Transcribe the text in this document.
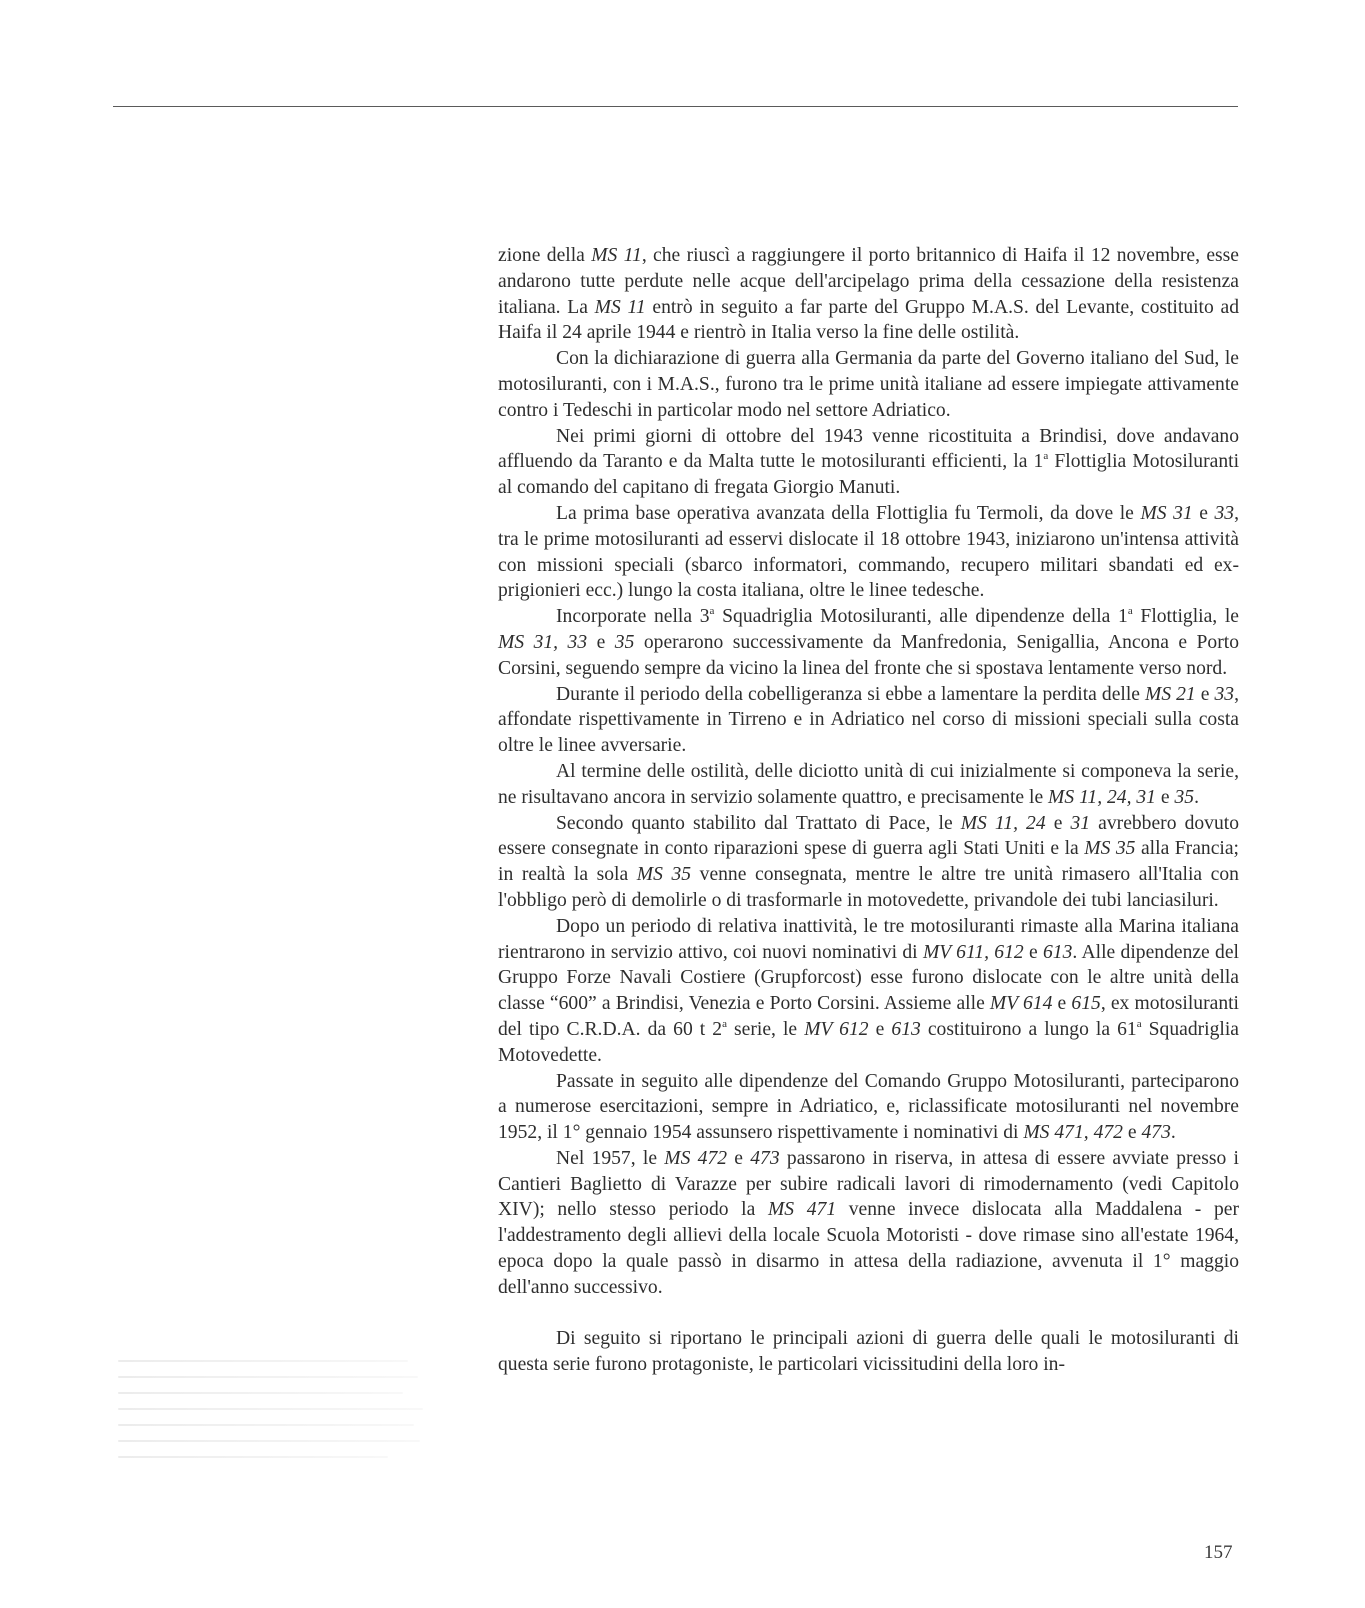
zione della MS 11, che riuscì a raggiungere il porto britannico di Haifa il 12 novembre, esse andarono tutte perdute nelle acque dell'arcipelago prima della cessazione della resistenza italiana. La MS 11 entrò in seguito a far parte del Gruppo M.A.S. del Levante, costituito ad Haifa il 24 aprile 1944 e rientrò in Italia verso la fine delle ostilità.

Con la dichiarazione di guerra alla Germania da parte del Governo italiano del Sud, le motosiluranti, con i M.A.S., furono tra le prime unità italiane ad essere impiegate attivamente contro i Tedeschi in particolar modo nel settore Adriatico.

Nei primi giorni di ottobre del 1943 venne ricostituita a Brindisi, dove andavano affluendo da Taranto e da Malta tutte le motosiluranti efficienti, la 1$^a$ Flottiglia Motosiluranti al comando del capitano di fregata Giorgio Manuti.

La prima base operativa avanzata della Flottiglia fu Termoli, da dove le MS 31 e 33, tra le prime motosiluranti ad esservi dislocate il 18 ottobre 1943, iniziarono un'intensa attività con missioni speciali (sbarco informatori, commando, recupero militari sbandati ed ex-prigionieri ecc.) lungo la costa italiana, oltre le linee tedesche.

Incorporate nella 3$^a$ Squadriglia Motosiluranti, alle dipendenze della 1$^a$ Flottiglia, le MS 31, 33 e 35 operarono successivamente da Manfredonia, Senigallia, Ancona e Porto Corsini, seguendo sempre da vicino la linea del fronte che si spostava lentamente verso nord.

Durante il periodo della cobelligeranza si ebbe a lamentare la perdita delle MS 21 e 33, affondate rispettivamente in Tirreno e in Adriatico nel corso di missioni speciali sulla costa oltre le linee avversarie.

Al termine delle ostilità, delle diciotto unità di cui inizialmente si componeva la serie, ne risultavano ancora in servizio solamente quattro, e precisamente le MS 11, 24, 31 e 35.

Secondo quanto stabilito dal Trattato di Pace, le MS 11, 24 e 31 avrebbero dovuto essere consegnate in conto riparazioni spese di guerra agli Stati Uniti e la MS 35 alla Francia; in realtà la sola MS 35 venne consegnata, mentre le altre tre unità rimasero all'Italia con l'obbligo però di demolirle o di trasformarle in motovedette, privandole dei tubi lanciasiluri.

Dopo un periodo di relativa inattività, le tre motosiluranti rimaste alla Marina italiana rientrarono in servizio attivo, coi nuovi nominativi di MV 611, 612 e 613. Alle dipendenze del Gruppo Forze Navali Costiere (Grupforcost) esse furono dislocate con le altre unità della classe “600” a Brindisi, Venezia e Porto Corsini. Assieme alle MV 614 e 615, ex motosiluranti del tipo C.R.D.A. da 60 t 2$^a$ serie, le MV 612 e 613 costituirono a lungo la 61$^a$ Squadriglia Motovedette.

Passate in seguito alle dipendenze del Comando Gruppo Motosiluranti, parteciparono a numerose esercitazioni, sempre in Adriatico, e, riclassificate motosiluranti nel novembre 1952, il 1° gennaio 1954 assunsero rispettivamente i nominativi di MS 471, 472 e 473.

Nel 1957, le MS 472 e 473 passarono in riserva, in attesa di essere avviate presso i Cantieri Baglietto di Varazze per subire radicali lavori di rimodernamento (vedi Capitolo XIV); nello stesso periodo la MS 471 venne invece dislocata alla Maddalena - per l'addestramento degli allievi della locale Scuola Motoristi - dove rimase sino all'estate 1964, epoca dopo la quale passò in disarmo in attesa della radiazione, avvenuta il 1° maggio dell'anno successivo.

Di seguito si riportano le principali azioni di guerra delle quali le motosiluranti di questa serie furono protagoniste, le particolari vicissitudini della loro in-

157
